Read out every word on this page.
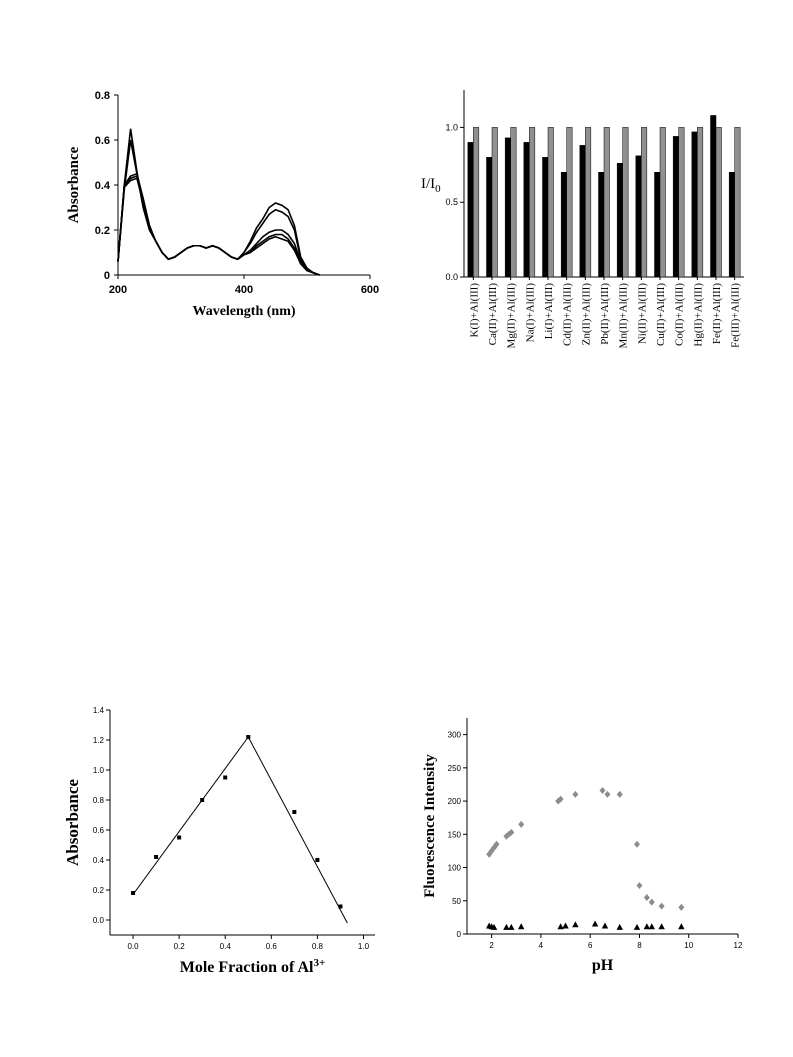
0
0.2
0.4
0.6
0.8
200	400	600
Wavelength (nm)
Absorbance
0.0
0.5
1.0
K(I)+Al(III) Ca(II)+Al(III) Mg(II)+Al(III) Na(I)+Al(III) Li(I)+Al(III) Cd(II)+Al(III) Zn(II)+Al(III) Pb(II)+Al(III) Mn(II)+Al(III) Ni(II)+Al(III) Cu(II)+Al(III) Co(II)+Al(III) Hg(II)+Al(III) Fe(II)+Al(III) Fe(III)+Al(III)
$I/I_0$
0.0
0.2
0.4
0.6
0.8
1.0
1.2
1.4
0.0	0.2	0.4	0.6	0.8	1.0
Mole Fraction of $Al^{3+}$
Absorbance
0
50
100
150
200
250
300
2	4	6	8	10	12
pH
Fluorescence Intensity
